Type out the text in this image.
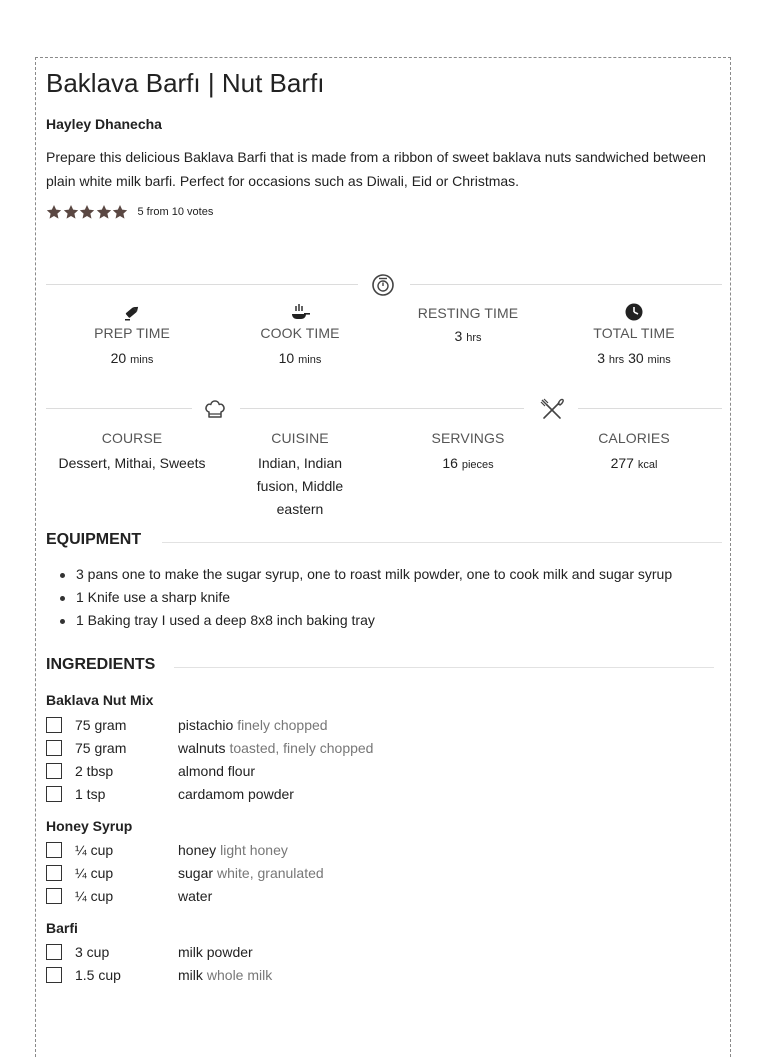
Baklava Barfı | Nut Barfı
Hayley Dhanecha
Prepare this delicious Baklava Barfi that is made from a ribbon of sweet baklava nuts sandwiched between plain white milk barfi. Perfect for occasions such as Diwali, Eid or Christmas.
5 from 10 votes
PREP TIME
20 mins
COOK TIME
10 mins
RESTING TIME
3 hrs	TOTAL TIME
3 hrs 30 mins
COURSE
Dessert, Mithai, Sweets
CUISINE
Indian, Indian fusion, Middle eastern
SERVINGS
16 pieces
CALORIES
277 kcal
EQUIPMENT
3 pans one to make the sugar syrup, one to roast milk powder, one to cook milk and sugar syrup
1 Knife use a sharp knife
1 Baking tray I used a deep 8x8 inch baking tray
INGREDIENTS
Baklava Nut Mix
75 gram	pistachio finely chopped
75 gram	walnuts toasted, finely chopped
2 tbsp	almond flour
1 tsp	cardamom powder
Honey Syrup
¼ cup	honey light honey
¼ cup	sugar white, granulated
¼ cup	water
Barfi
3 cup	milk powder
1.5 cup	milk whole milk
